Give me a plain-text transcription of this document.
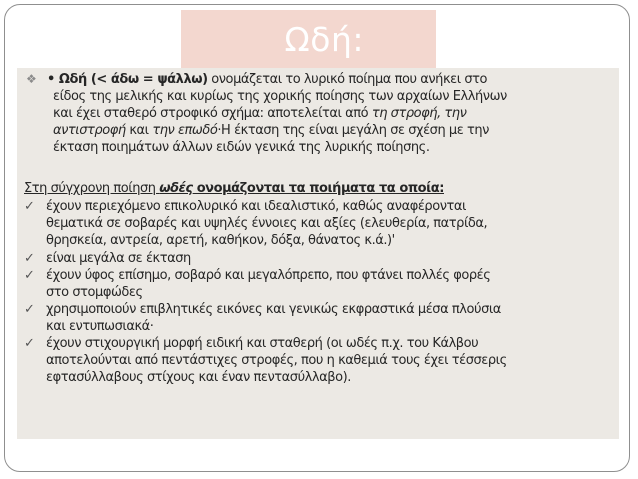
Ωδή:
❖ • Ωδή (< άδω = ψάλλω) ονομάζεται το λυρικό ποίημα που ανήκει στο
είδος της μελικής και κυρίως της χορικής ποίησης των αρχαίων Ελλήνων
και έχει σταθερό στροφικό σχήμα: αποτελείται από τη στροφή, την
αντιστροφή και την επωδό·Η έκταση της είναι μεγάλη σε σχέση με την
έκταση ποιημάτων άλλων ειδών γενικά της λυρικής ποίησης.
Στη σύγχρονη ποίηση ωδές ονομάζονται τα ποιήματα τα οποία:
✓ έχουν περιεχόμενο επικολυρικό και ιδεαλιστικό, καθώς αναφέρονται
θεματικά σε σοβαρές και υψηλές έννοιες και αξίες (ελευθερία, πατρίδα,
θρησκεία, αντρεία, αρετή, καθήκον, δόξα, θάνατος κ.ά.)'
✓ είναι μεγάλα σε έκταση
✓ έχουν ύφος επίσημο, σοβαρό και μεγαλόπρεπο, που φτάνει πολλές φορές
στο στομφώδες
✓ χρησιμοποιούν επιβλητικές εικόνες και γενικώς εκφραστικά μέσα πλούσια
και εντυπωσιακά·
✓ έχουν στιχουργική μορφή ειδική και σταθερή (οι ωδές π.χ. του Κάλβου
αποτελούνται από πεντάστιχες στροφές, που η καθεμιά τους έχει τέσσερις
εφτασύλλαβους στίχους και έναν πεντασύλλαβο).
